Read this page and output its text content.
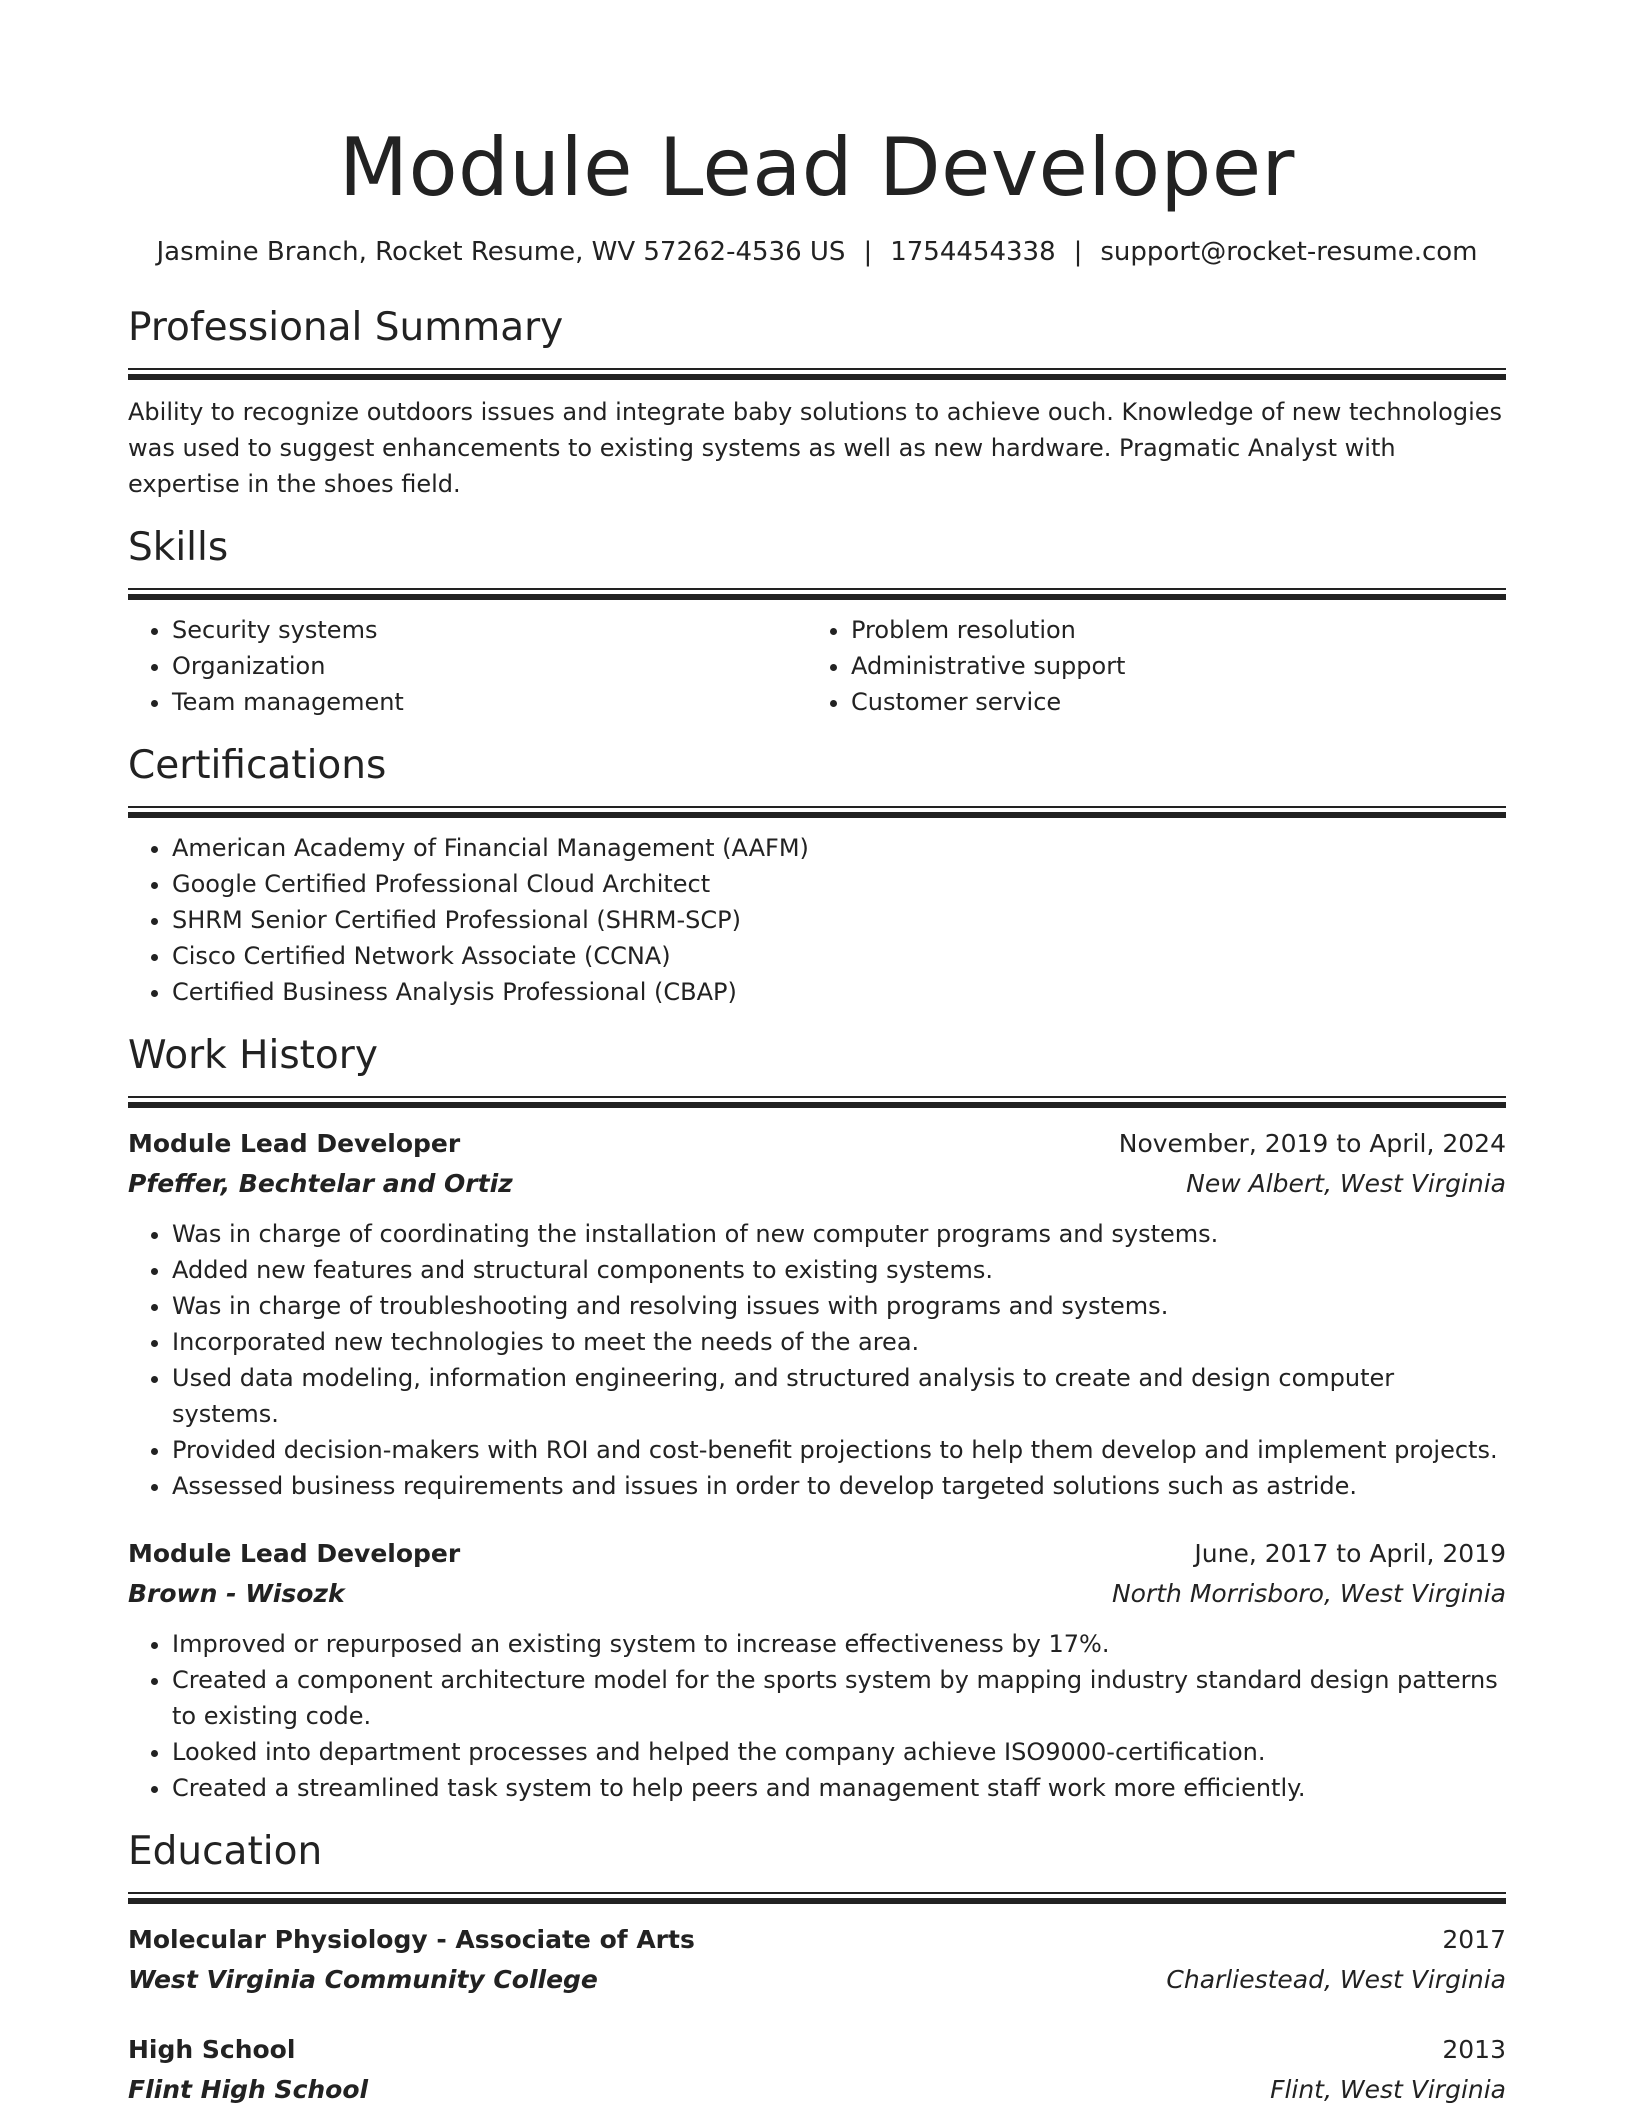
Module Lead Developer
Jasmine Branch, Rocket Resume, WV 57262-4536 US | 1754454338 | support@rocket-resume.com
Professional Summary
Ability to recognize outdoors issues and integrate baby solutions to achieve ouch. Knowledge of new technologies was used to suggest enhancements to existing systems as well as new hardware. Pragmatic Analyst with expertise in the shoes field.
Skills
• Security systems
• Organization
• Team management
• Problem resolution
• Administrative support
• Customer service
Certifications
• American Academy of Financial Management (AAFM)
• Google Certified Professional Cloud Architect
• SHRM Senior Certified Professional (SHRM-SCP)
• Cisco Certified Network Associate (CCNA)
• Certified Business Analysis Professional (CBAP)
Work History
Module Lead Developer	November, 2019 to April, 2024
Pfeffer, Bechtelar and Ortiz	New Albert, West Virginia
• Was in charge of coordinating the installation of new computer programs and systems.
• Added new features and structural components to existing systems.
• Was in charge of troubleshooting and resolving issues with programs and systems.
• Incorporated new technologies to meet the needs of the area.
• Used data modeling, information engineering, and structured analysis to create and design computer systems.
• Provided decision-makers with ROI and cost-benefit projections to help them develop and implement projects.
• Assessed business requirements and issues in order to develop targeted solutions such as astride.
Module Lead Developer	June, 2017 to April, 2019
Brown - Wisozk	North Morrisboro, West Virginia
• Improved or repurposed an existing system to increase effectiveness by 17%.
• Created a component architecture model for the sports system by mapping industry standard design patterns to existing code.
• Looked into department processes and helped the company achieve ISO9000-certification.
• Created a streamlined task system to help peers and management staff work more efficiently.
Education
Molecular Physiology - Associate of Arts	2017
West Virginia Community College	Charliestead, West Virginia
High School	2013
Flint High School	Flint, West Virginia
